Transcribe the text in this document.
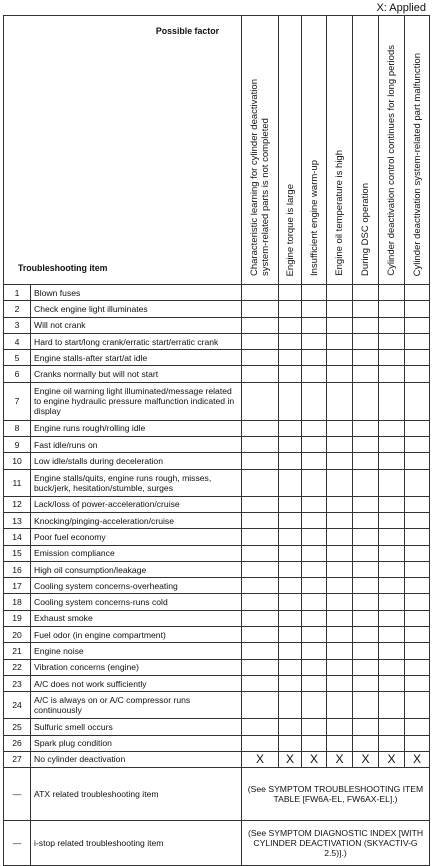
X: Applied
Possible factor
Troubleshooting item		Characteristic learning for cylinder deactivation
system-related parts is not completed	Engine torque is large	Insufficient engine warm-up	Engine oil temperature is high	During DSC operation	Cylinder deactivation control continues for long periods	Cylinder deactivation system-related part malfunction

1	Blown fuses							
2	Check engine light illuminates							
3	Will not crank							
4	Hard to start/long crank/erratic start/erratic crank							
5	Engine stalls-after start/at idle							
6	Cranks normally but will not start							
7	Engine oil warning light illuminated/message related to engine hydraulic pressure malfunction indicated in display							
8	Engine runs rough/rolling idle							
9	Fast idle/runs on							
10	Low idle/stalls during deceleration							
11	Engine stalls/quits, engine runs rough, misses, buck/jerk, hesitation/stumble, surges							
12	Lack/loss of power-acceleration/cruise							
13	Knocking/pinging-acceleration/cruise							
14	Poor fuel economy							
15	Emission compliance							
16	High oil consumption/leakage							
17	Cooling system concerns-overheating							
18	Cooling system concerns-runs cold							
19	Exhaust smoke							
20	Fuel odor (in engine compartment)							
21	Engine noise							
22	Vibration concerns (engine)							
23	A/C does not work sufficiently							
24	A/C is always on or A/C compressor runs continuously							
25	Sulfuric smell occurs							
26	Spark plug condition							
27	No cylinder deactivation	X	X	X	X	X	X	X
—	ATX related troubleshooting item	(See SYMPTOM TROUBLESHOOTING ITEM TABLE [FW6A-EL, FW6AX-EL].)						
—	i-stop related troubleshooting item	(See SYMPTOM DIAGNOSTIC INDEX [WITH CYLINDER DEACTIVATION (SKYACTIV-G 2.5)].)						
